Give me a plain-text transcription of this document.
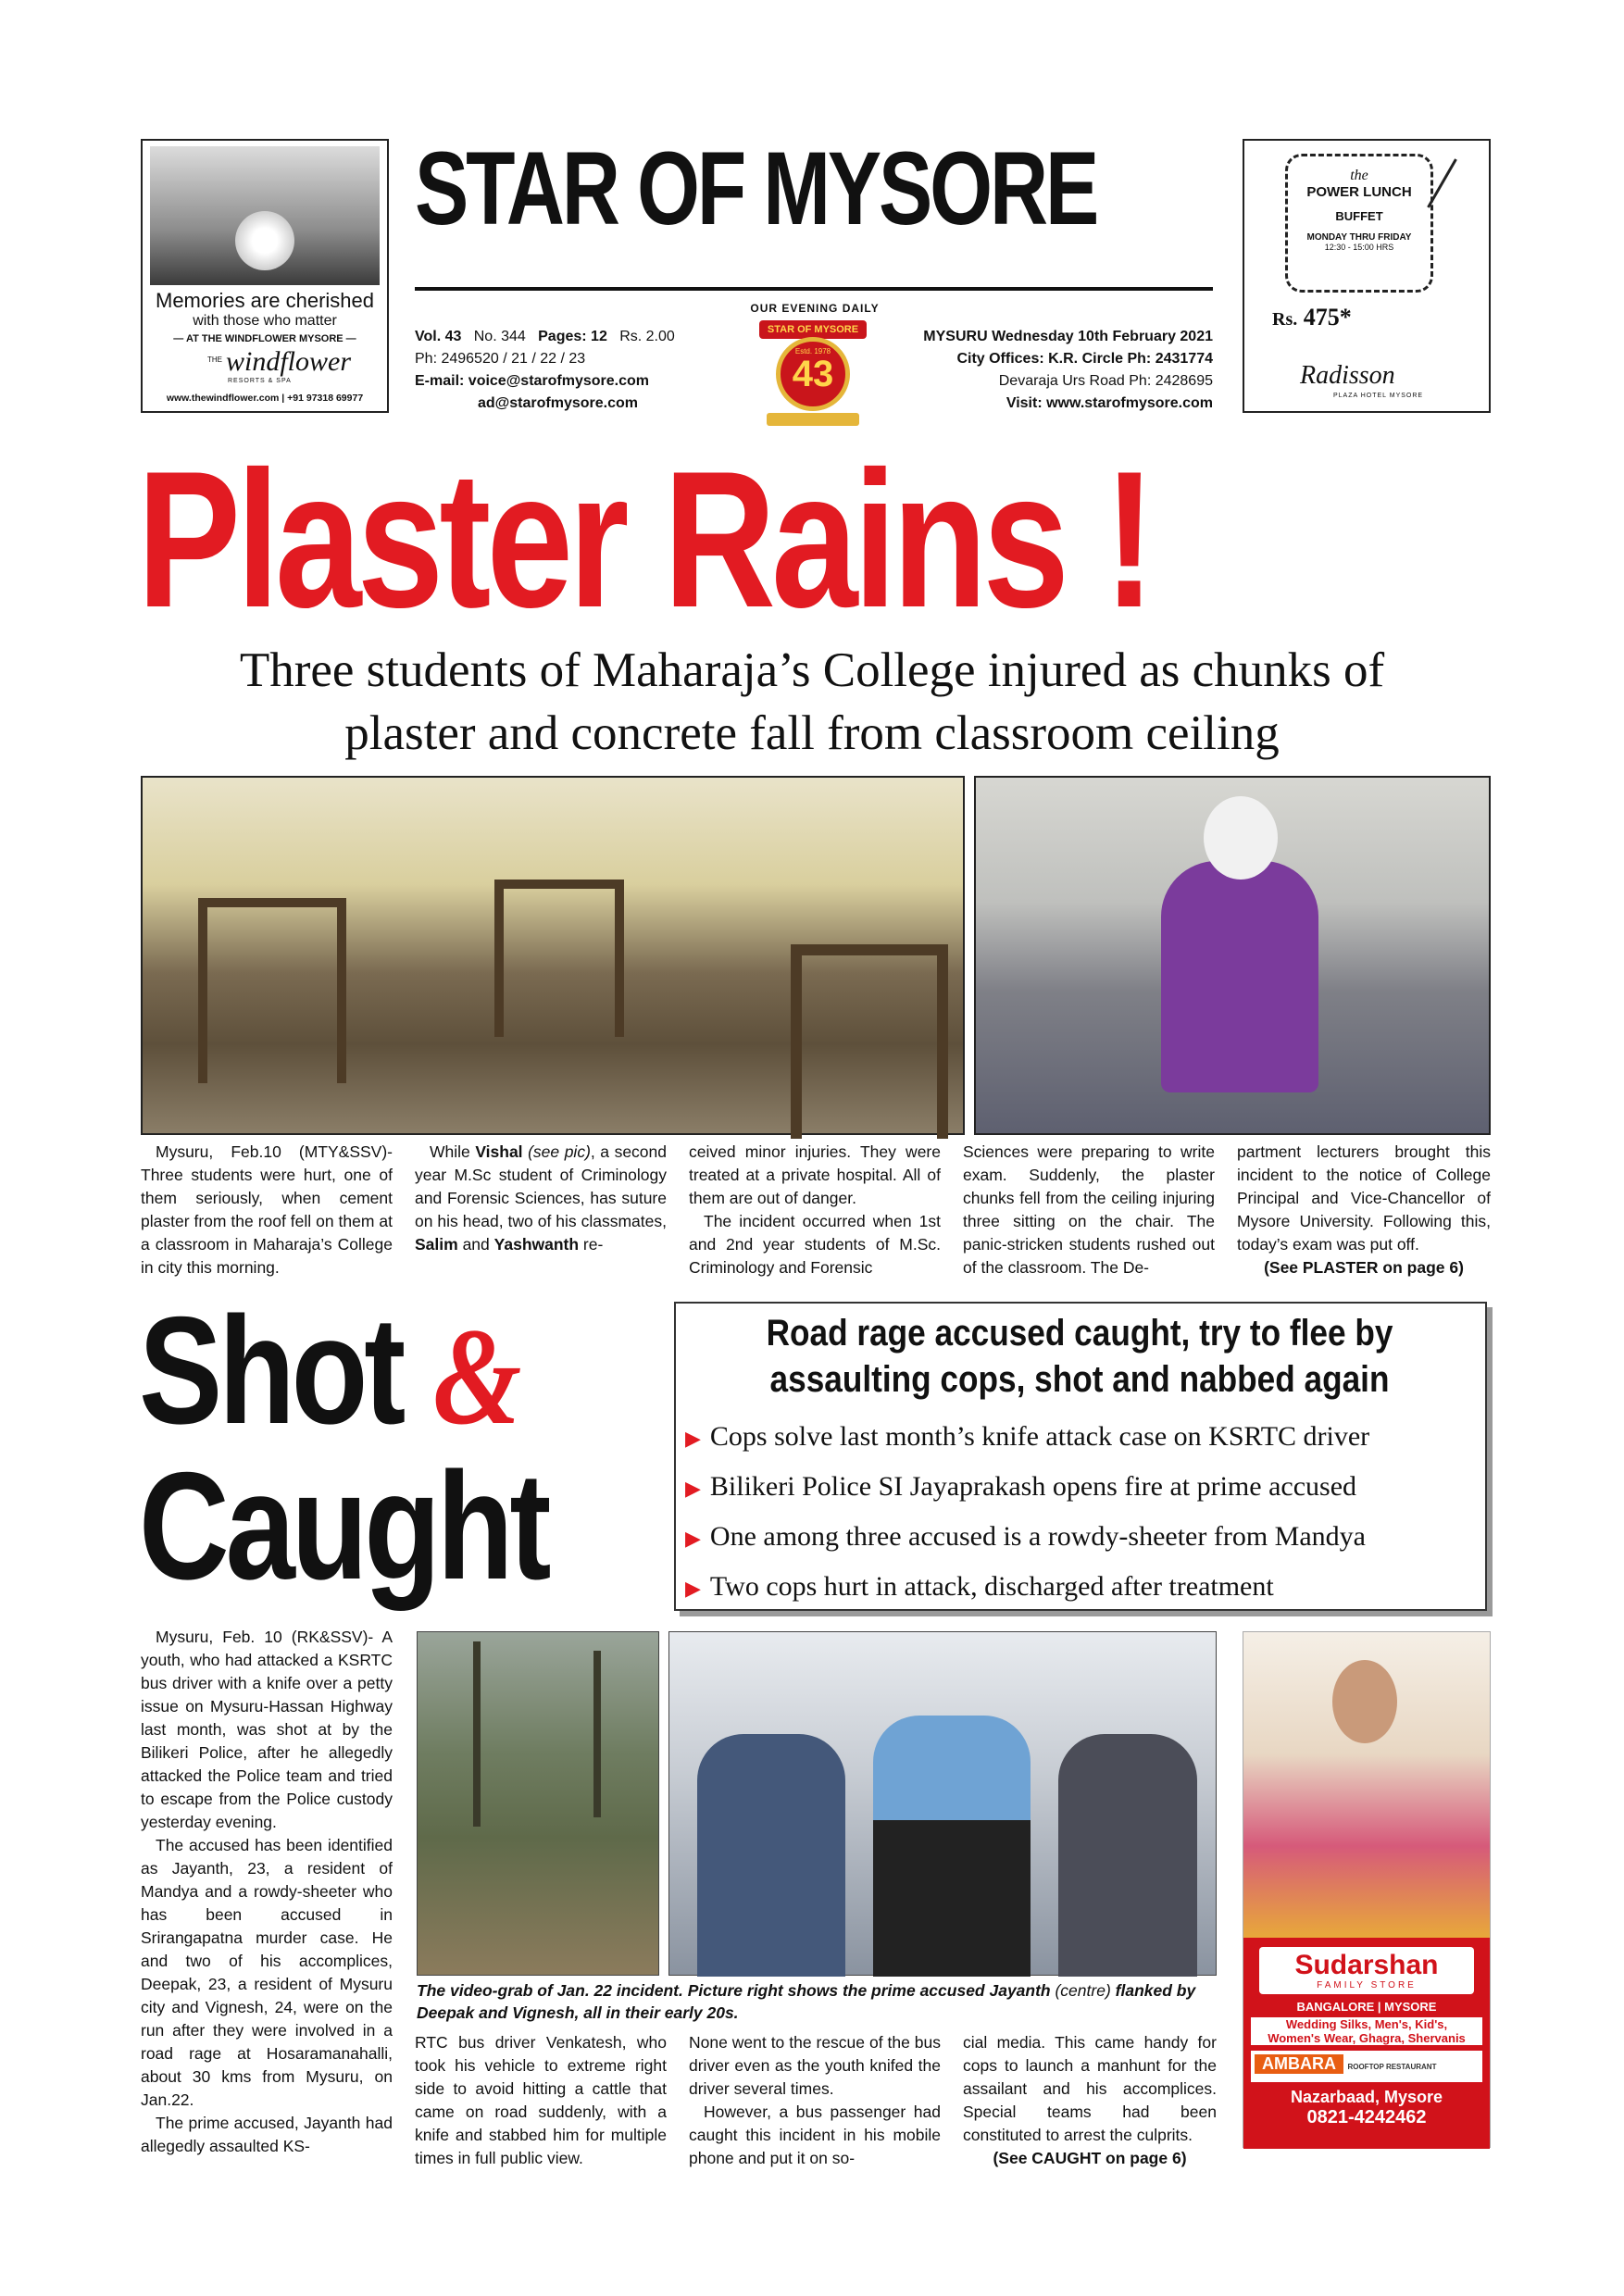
Memories are cherished
with those who matter
— AT THE WINDFLOWER MYSORE —
THE windflower
RESORTS & SPA
www.thewindflower.com | +91 97318 69977
STAR OF MYSORE
OUR EVENING DAILY
Vol. 43 No. 344 Pages: 12 Rs. 2.00
Ph: 2496520 / 21 / 22 / 23
E-mail: voice@starofmysore.com
ad@starofmysore.com
STAR OF MYSORE
Estd. 1978
43
MYSURU Wednesday 10th February 2021
City Offices: K.R. Circle Ph: 2431774
Devaraja Urs Road Ph: 2428695
Visit: www.starofmysore.com
the
POWER LUNCH
BUFFET
MONDAY THRU FRIDAY
12:30 - 15:00 HRS
Rs. 475*
Radisson
PLAZA HOTEL MYSORE
Plaster Rains !
Three students of Maharaja’s College injured as chunks of
plaster and concrete fall from classroom ceiling

Mysuru, Feb.10 (MTY&SSV)- Three students were hurt, one of them seriously, when cement plaster from the roof fell on them at a classroom in Maharaja’s College in city this morning.

While Vishal (see pic), a second year M.Sc student of Criminology and Forensic Sciences, has suture on his head, two of his classmates, Salim and Yashwanth re-

ceived minor injuries. They were treated at a private hospital. All of them are out of danger.

The incident occurred when 1st and 2nd year students of M.Sc. Criminology and Forensic

Sciences were preparing to write exam. Suddenly, the plaster chunks fell from the ceiling injuring three sitting on the chair. The panic-stricken students rushed out of the classroom. The De-

partment lecturers brought this incident to the notice of College Principal and Vice-Chancellor of Mysore University. Following this, today’s exam was put off.

(See PLASTER on page 6)

Shot &
Caught
Road rage accused caught, try to flee by
assaulting cops, shot and nabbed again
▶ Cops solve last month’s knife attack case on KSRTC driver
▶ Bilikeri Police SI Jayaprakash opens fire at prime accused
▶ One among three accused is a rowdy-sheeter from Mandya
▶ Two cops hurt in attack, discharged after treatment

Mysuru, Feb. 10 (RK&SSV)- A youth, who had attacked a KSRTC bus driver with a knife over a petty issue on Mysuru-Hassan Highway last month, was shot at by the Bilikeri Police, after he allegedly attacked the Police team and tried to escape from the Police custody yesterday evening.

The accused has been identified as Jayanth, 23, a resident of Mandya and a rowdy-sheeter who has been accused in Srirangapatna murder case. He and two of his accomplices, Deepak, 23, a resident of Mysuru city and Vignesh, 24, were on the run after they were involved in a road rage at Hosaramanahalli, about 30 kms from Mysuru, on Jan.22.

The prime accused, Jayanth had allegedly assaulted KS-

The video-grab of Jan. 22 incident. Picture right shows the prime accused Jayanth (centre) flanked by Deepak and Vignesh, all in their early 20s.

RTC bus driver Venkatesh, who took his vehicle to extreme right side to avoid hitting a cattle that came on road suddenly, with a knife and stabbed him for multiple times in full public view.

None went to the rescue of the bus driver even as the youth knifed the driver several times.

However, a bus passenger had caught this incident in his mobile phone and put it on so-

cial media. This came handy for cops to launch a manhunt for the assailant and his accomplices. Special teams had been constituted to arrest the culprits.

(See CAUGHT on page 6)

Sudarshan
FAMILY STORE
BANGALORE | MYSORE
Wedding Silks, Men's, Kid's,
Women's Wear, Ghagra, Shervanis
AMBARA ROOFTOP RESTAURANT
Nazarbaad, Mysore
0821-4242462
